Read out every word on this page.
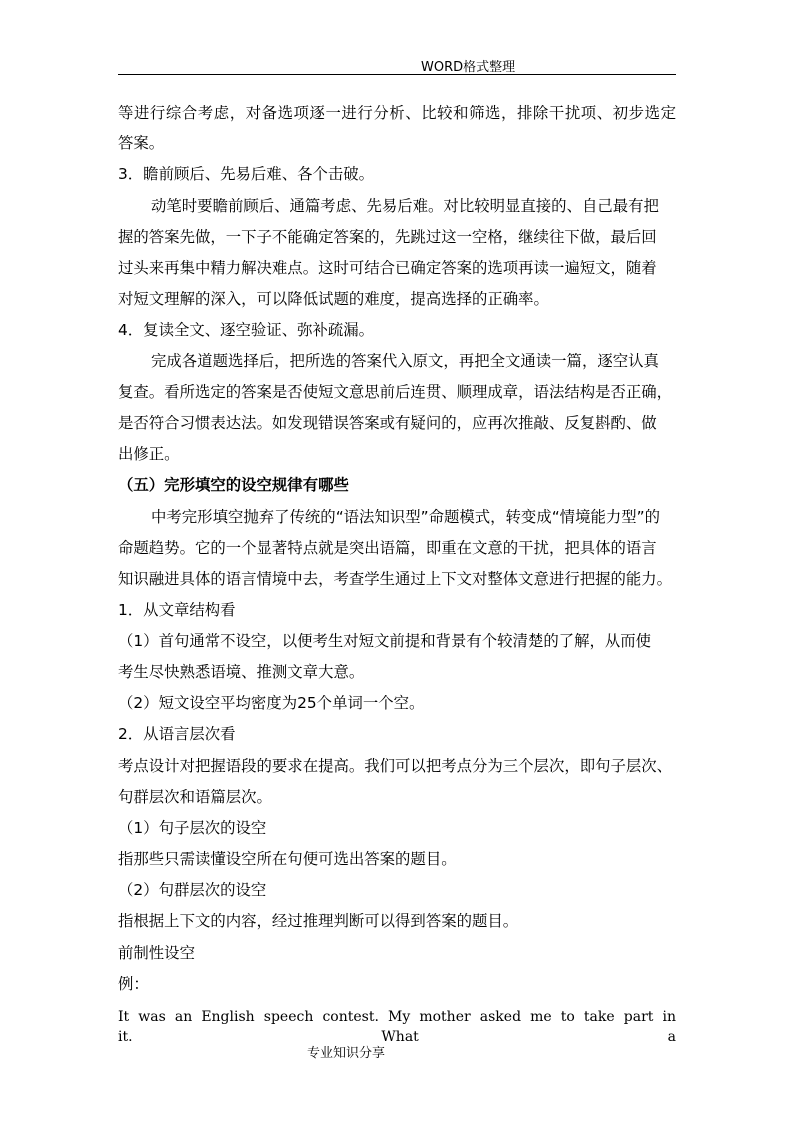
WORD格式整理
等进行综合考虑，对备选项逐一进行分析、比较和筛选，排除干扰项、初步选定
答案。
3．瞻前顾后、先易后难、各个击破。
动笔时要瞻前顾后、通篇考虑、先易后难。对比较明显直接的、自己最有把
握的答案先做，一下子不能确定答案的，先跳过这一空格，继续往下做，最后回
过头来再集中精力解决难点。这时可结合已确定答案的选项再读一遍短文，随着
对短文理解的深入，可以降低试题的难度，提高选择的正确率。
4．复读全文、逐空验证、弥补疏漏。
完成各道题选择后，把所选的答案代入原文，再把全文通读一篇，逐空认真
复查。看所选定的答案是否使短文意思前后连贯、顺理成章，语法结构是否正确，
是否符合习惯表达法。如发现错误答案或有疑问的，应再次推敲、反复斟酌、做
出修正。
（五）完形填空的设空规律有哪些
中考完形填空抛弃了传统的“语法知识型”命题模式，转变成“情境能力型”的
命题趋势。它的一个显著特点就是突出语篇，即重在文意的干扰，把具体的语言
知识融进具体的语言情境中去，考查学生通过上下文对整体文意进行把握的能力。
1．从文章结构看
（1）首句通常不设空，以便考生对短文前提和背景有个较清楚的了解，从而使
考生尽快熟悉语境、推测文章大意。
（2）短文设空平均密度为25个单词一个空。
2．从语言层次看
考点设计对把握语段的要求在提高。我们可以把考点分为三个层次，即句子层次、
句群层次和语篇层次。
（1）句子层次的设空
指那些只需读懂设空所在句便可选出答案的题目。
（2）句群层次的设空
指根据上下文的内容，经过推理判断可以得到答案的题目。
前制性设空
例：
It was an English speech contest. My mother asked me to take part in it. What a
专业知识分享
